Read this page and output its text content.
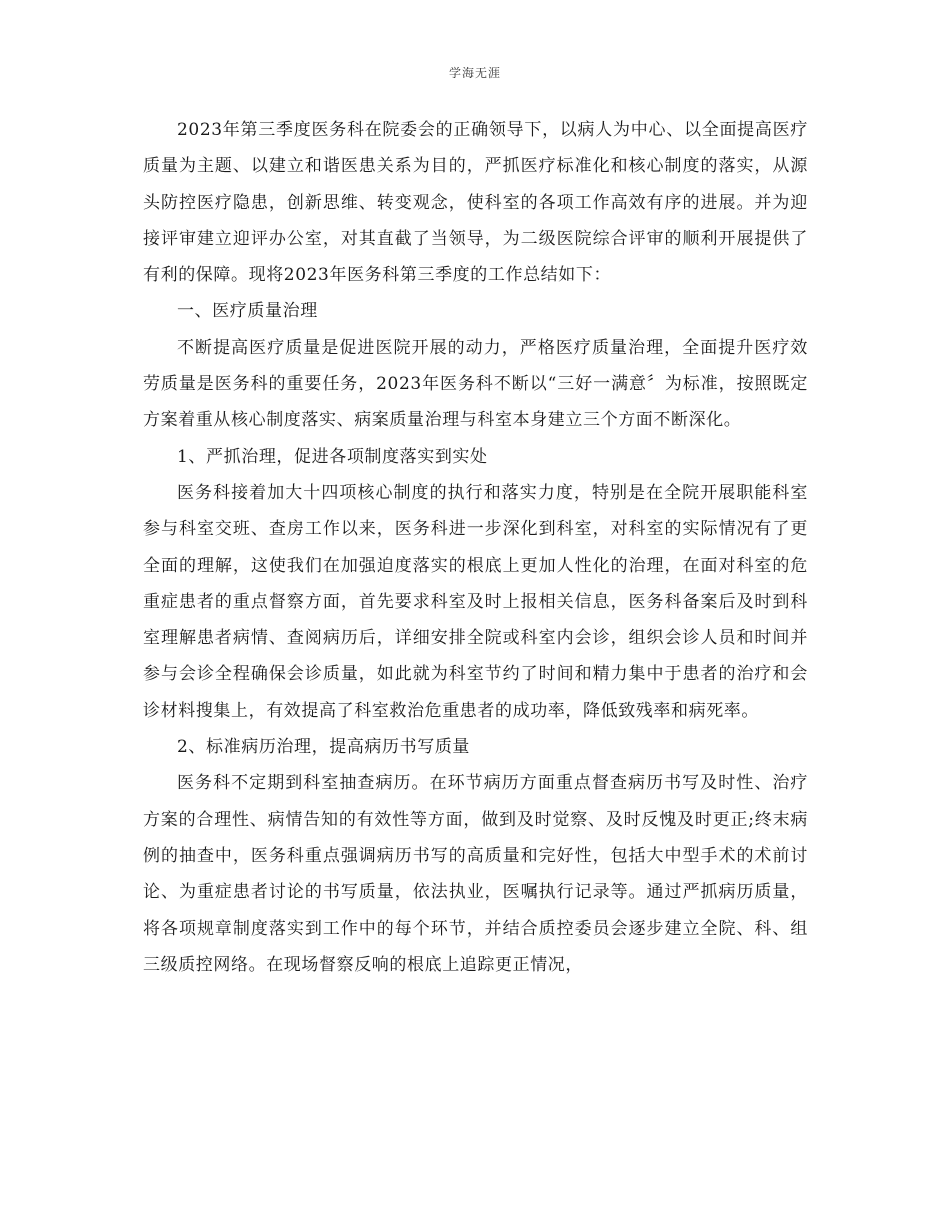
学海无涯

2023年第三季度医务科在院委会的正确领导下，以病人为中心、以全面提高医疗质量为主题、以建立和谐医患关系为目的，严抓医疗标准化和核心制度的落实，从源头防控医疗隐患，创新思维、转变观念，使科室的各项工作高效有序的进展。并为迎接评审建立迎评办公室，对其直截了当领导，为二级医院综合评审的顺利开展提供了有利的保障。现将2023年医务科第三季度的工作总结如下：

一、医疗质量治理

不断提高医疗质量是促进医院开展的动力，严格医疗质量治理，全面提升医疗效劳质量是医务科的重要任务，2023年医务科不断以“三好一满意〞为标准，按照既定方案着重从核心制度落实、病案质量治理与科室本身建立三个方面不断深化。

1、严抓治理，促进各项制度落实到实处

医务科接着加大十四项核心制度的执行和落实力度，特别是在全院开展职能科室参与科室交班、查房工作以来，医务科进一步深化到科室，对科室的实际情况有了更全面的理解，这使我们在加强迫度落实的根底上更加人性化的治理，在面对科室的危重症患者的重点督察方面，首先要求科室及时上报相关信息，医务科备案后及时到科室理解患者病情、查阅病历后，详细安排全院或科室内会诊，组织会诊人员和时间并参与会诊全程确保会诊质量，如此就为科室节约了时间和精力集中于患者的治疗和会诊材料搜集上，有效提高了科室救治危重患者的成功率，降低致残率和病死率。

2、标准病历治理，提高病历书写质量

医务科不定期到科室抽查病历。在环节病历方面重点督查病历书写及时性、治疗方案的合理性、病情告知的有效性等方面，做到及时觉察、及时反愧及时更正;终末病例的抽查中，医务科重点强调病历书写的高质量和完好性，包括大中型手术的术前讨论、为重症患者讨论的书写质量，依法执业，医嘱执行记录等。通过严抓病历质量，将各项规章制度落实到工作中的每个环节，并结合质控委员会逐步建立全院、科、组三级质控网络。在现场督察反响的根底上追踪更正情况，
